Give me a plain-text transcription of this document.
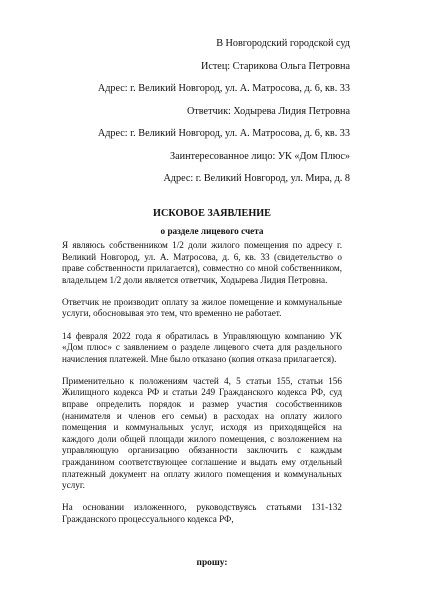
В Новгородский городской суд
Истец: Старикова Ольга Петровна
Адрес: г. Великий Новгород, ул. А. Матросова, д. 6, кв. 33
Ответчик: Ходырева Лидия Петровна
Адрес: г. Великий Новгород, ул. А. Матросова, д. 6, кв. 33
Заинтересованное лицо: УК «Дом Плюс»
Адрес: г. Великий Новгород, ул. Мира, д. 8
ИСКОВОЕ ЗАЯВЛЕНИЕ
о разделе лицевого счета

Я являюсь собственником 1/2 доли жилого помещения по адресу г. Великий Новгород, ул. А. Матросова, д. 6, кв. 33 (свидетельство о праве собственности прилагается), совместно со мной собственником, владельцем 1/2 доли является ответчик, Ходырева Лидия Петровна.

Ответчик не производит оплату за жилое помещение и коммунальные услуги, обосновывая это тем, что временно не работает.

14 февраля 2022 года я обратилась в Управляющую компанию УК «Дом плюс» с заявлением о разделе лицевого счета для раздельного начисления платежей. Мне было отказано (копия отказа прилагается).

Применительно к положениям частей 4, 5 статьи 155, статьи 156 Жилищного кодекса РФ и статьи 249 Гражданского кодекса РФ, суд вправе определить порядок и размер участия сособственников (нанимателя и членов его семьи) в расходах на оплату жилого помещения и коммунальных услуг, исходя из приходящейся на каждого доли общей площади жилого помещения, с возложением на управляющую организацию обязанности заключить с каждым гражданином соответствующее соглашение и выдать ему отдельный платежный документ на оплату жилого помещения и коммунальных услуг.

На основании изложенного, руководствуясь статьями 131-132 Гражданского процессуального кодекса РФ,

прошу:
